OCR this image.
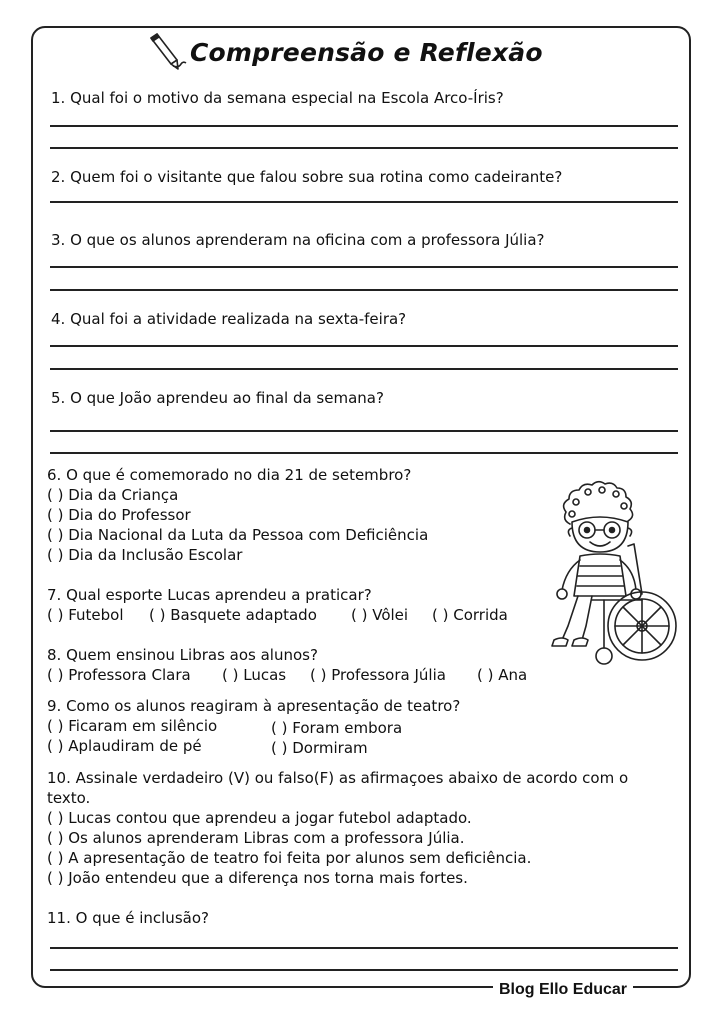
Compreensão e Reflexão
1. Qual foi o motivo da semana especial na Escola Arco-Íris?
2. Quem foi o visitante que falou sobre sua rotina como cadeirante?
3. O que os alunos aprenderam na oficina com a professora Júlia?
4. Qual foi a atividade realizada na sexta-feira?
5. O que João aprendeu ao final da semana?
6. O que é comemorado no dia 21 de setembro?
( ) Dia da Criança
( ) Dia do Professor
( ) Dia Nacional da Luta da Pessoa com Deficiência
( ) Dia da Inclusão Escolar
7. Qual esporte Lucas aprendeu a praticar?
( ) Futebol ( ) Basquete adaptado ( ) Vôlei ( ) Corrida
8. Quem ensinou Libras aos alunos?
( ) Professora Clara ( ) Lucas ( ) Professora Júlia ( ) Ana
9. Como os alunos reagiram à apresentação de teatro?
( ) Ficaram em silêncio	( ) Foram embora
( ) Aplaudiram de pé	( ) Dormiram
10. Assinale verdadeiro (V) ou falso(F) as afirmaçoes abaixo de acordo com o
texto.
( ) Lucas contou que aprendeu a jogar futebol adaptado.
( ) Os alunos aprenderam Libras com a professora Júlia.
( ) A apresentação de teatro foi feita por alunos sem deficiência.
( ) João entendeu que a diferença nos torna mais fortes.
11. O que é inclusão?
Blog Ello Educar
